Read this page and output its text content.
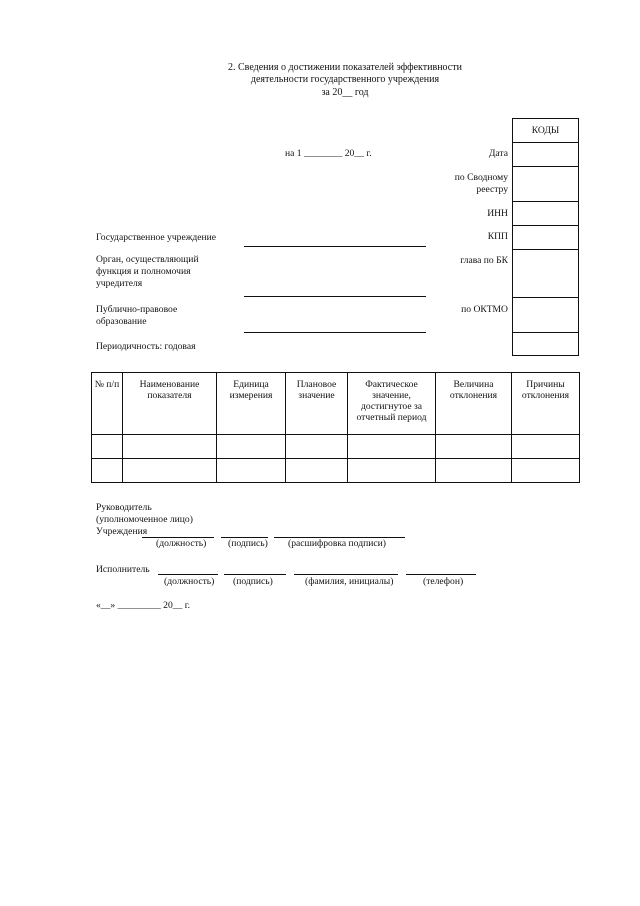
2. Сведения о достижении показателей эффективности
деятельности государственного учреждения
за 20__ год
на 1 ________ 20__ г.	Дата
по Сводному реестру
ИНН
КПП
глава по БК
по ОКТМО
КОДЫ

Государственное учреждение
Орган, осуществляющий функция и полномочия учредителя
Публично-правовое образование
Периодичность: годовая
№ п/п	Наименование показателя	Единица измерения	Плановое значение	Фактическое значение, достигнутое за отчетный период	Величина отклонения	Причины отклонения

Руководитель
(уполномоченное лицо)
Учреждения
(должность) (подпись) (расшифровка подписи)
Исполнитель
(должность) (подпись)	(фамилия, инициалы)	(телефон)
«__» _________ 20__ г.
